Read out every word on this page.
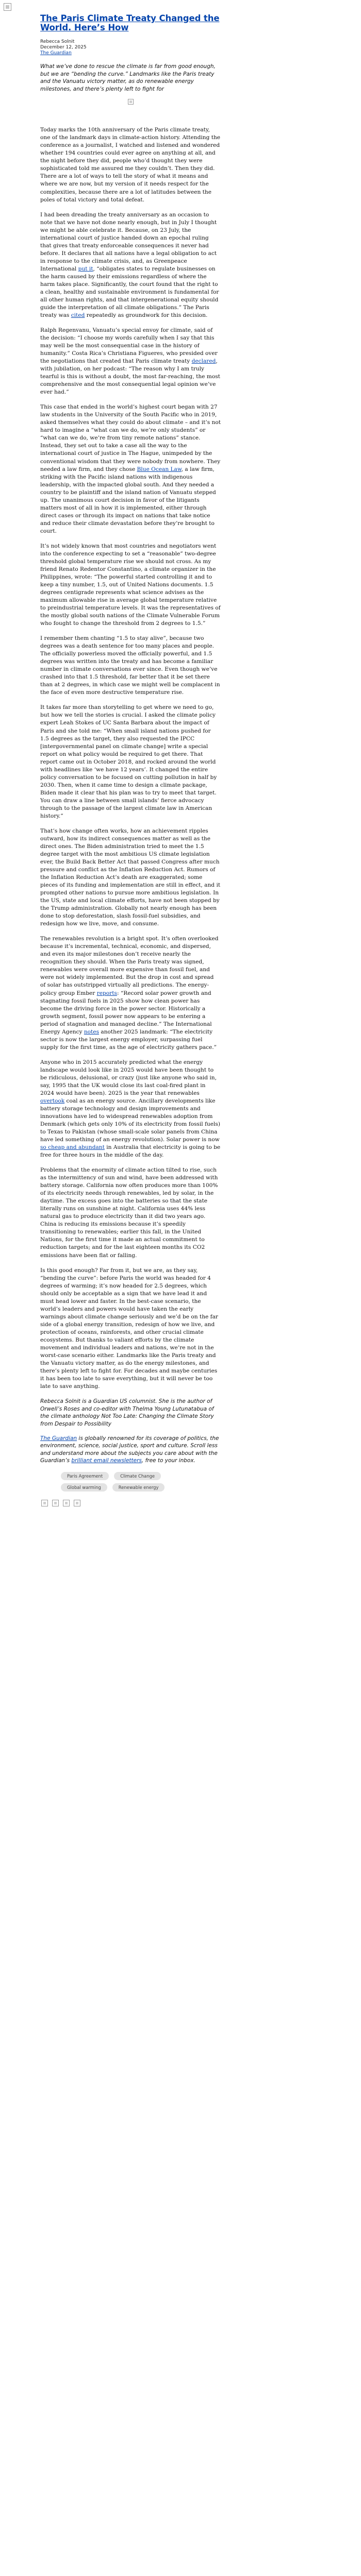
The Paris Climate Treaty Changed the World. Here’s How
Rebecca Solnit
December 12, 2025
The Guardian
What we’ve done to rescue the climate is far from good enough, but we are “bending the curve.” Landmarks like the Paris treaty and the Vanuatu victory matter, as do renewable energy milestones, and there’s plenty left to fight for

Today marks the 10th anniversary of the Paris climate treaty, one of the landmark days in climate-action history. Attending the conference as a journalist, I watched and listened and wondered whether 194 countries could ever agree on anything at all, and the night before they did, people who’d thought they were sophisticated told me assured me they couldn’t. Then they did. There are a lot of ways to tell the story of what it means and where we are now, but my version of it needs respect for the complexities, because there are a lot of latitudes between the poles of total victory and total defeat.

I had been dreading the treaty anniversary as an occasion to note that we have not done nearly enough, but in July I thought we might be able celebrate it. Because, on 23 July, the international court of justice handed down an epochal ruling that gives that treaty enforceable consequences it never had before. It declares that all nations have a legal obligation to act in response to the climate crisis, and, as Greenpeace International put it, “obligates states to regulate businesses on the harm caused by their emissions regardless of where the harm takes place. Significantly, the court found that the right to a clean, healthy and sustainable environment is fundamental for all other human rights, and that intergenerational equity should guide the interpretation of all climate obligations.” The Paris treaty was cited repeatedly as groundwork for this decision.

Ralph Regenvanu, Vanuatu’s special envoy for climate, said of the decision: “I choose my words carefully when I say that this may well be the most consequential case in the history of humanity.” Costa Rica’s Christiana Figueres, who presided over the negotiations that created that Paris climate treaty declared, with jubilation, on her podcast: “The reason why I am truly tearful is this is without a doubt, the most far-reaching, the most comprehensive and the most consequential legal opinion we’ve ever had.”

This case that ended in the world’s highest court began with 27 law students in the University of the South Pacific who in 2019, asked themselves what they could do about climate – and it’s not hard to imagine a “what can we do, we’re only students” or “what can we do, we’re from tiny remote nations” stance. Instead, they set out to take a case all the way to the international court of justice in The Hague, unimpeded by the conventional wisdom that they were nobody from nowhere. They needed a law firm, and they chose Blue Ocean Law, a law firm, striking with the Pacific island nations with indigenous leadership, with the impacted global south. And they needed a country to be plaintiff and the island nation of Vanuatu stepped up. The unanimous court decision in favor of the litigants matters most of all in how it is implemented, either through direct cases or through its impact on nations that take notice and reduce their climate devastation before they’re brought to court.

It’s not widely known that most countries and negotiators went into the conference expecting to set a “reasonable” two-degree threshold global temperature rise we should not cross. As my friend Renato Redentor Constantino, a climate organizer in the Philippines, wrote: “The powerful started controlling it and to keep a tiny number, 1.5, out of United Nations documents. 1.5 degrees centigrade represents what science advises as the maximum allowable rise in average global temperature relative to preindustrial temperature levels. It was the representatives of the mostly global south nations of the Climate Vulnerable Forum who fought to change the threshold from 2 degrees to 1.5.”

I remember them chanting “1.5 to stay alive”, because two degrees was a death sentence for too many places and people. The officially powerless moved the officially powerful, and 1.5 degrees was written into the treaty and has become a familiar number in climate conversations ever since. Even though we’ve crashed into that 1.5 threshold, far better that it be set there than at 2 degrees, in which case we might well be complacent in the face of even more destructive temperature rise.

It takes far more than storytelling to get where we need to go, but how we tell the stories is crucial. I asked the climate policy expert Leah Stokes of UC Santa Barbara about the impact of Paris and she told me: “When small island nations pushed for 1.5 degrees as the target, they also requested the IPCC [intergovernmental panel on climate change] write a special report on what policy would be required to get there. That report came out in October 2018, and rocked around the world with headlines like ‘we have 12 years’. It changed the entire policy conversation to be focused on cutting pollution in half by 2030. Then, when it came time to design a climate package, Biden made it clear that his plan was to try to meet that target. You can draw a line between small islands’ fierce advocacy through to the passage of the largest climate law in American history.”

That’s how change often works, how an achievement ripples outward, how its indirect consequences matter as well as the direct ones. The Biden administration tried to meet the 1.5 degree target with the most ambitious US climate legislation ever, the Build Back Better Act that passed Congress after much pressure and conflict as the Inflation Reduction Act. Rumors of the Inflation Reduction Act’s death are exaggerated; some pieces of its funding and implementation are still in effect, and it prompted other nations to pursue more ambitious legislation. In the US, state and local climate efforts, have not been stopped by the Trump administration. Globally not nearly enough has been done to stop deforestation, slash fossil-fuel subsidies, and redesign how we live, move, and consume.

The renewables revolution is a bright spot. It’s often overlooked because it’s incremental, technical, economic, and dispersed, and even its major milestones don’t receive nearly the recognition they should. When the Paris treaty was signed, renewables were overall more expensive than fossil fuel, and were not widely implemented. But the drop in cost and spread of solar has outstripped virtually all predictions. The energy-policy group Ember reports: “Record solar power growth and stagnating fossil fuels in 2025 show how clean power has become the driving force in the power sector. Historically a growth segment, fossil power now appears to be entering a period of stagnation and managed decline.” The International Energy Agency notes another 2025 landmark: “The electricity sector is now the largest energy employer, surpassing fuel supply for the first time, as the age of electricity gathers pace.”

Anyone who in 2015 accurately predicted what the energy landscape would look like in 2025 would have been thought to be ridiculous, delusional, or crazy (just like anyone who said in, say, 1995 that the UK would close its last coal-fired plant in 2024 would have been). 2025 is the year that renewables overtook coal as an energy source. Ancillary developments like battery storage technology and design improvements and innovations have led to widespread renewables adoption from Denmark (which gets only 10% of its electricity from fossil fuels) to Texas to Pakistan (whose small-scale solar panels from China have led something of an energy revolution). Solar power is now so cheap and abundant in Australia that electricity is going to be free for three hours in the middle of the day.

Problems that the enormity of climate action tilted to rise, such as the intermittency of sun and wind, have been addressed with battery storage. California now often produces more than 100% of its electricity needs through renewables, led by solar, in the daytime. The excess goes into the batteries so that the state literally runs on sunshine at night. California uses 44% less natural gas to produce electricity than it did two years ago. China is reducing its emissions because it’s speedily transitioning to renewables; earlier this fall, in the United Nations, for the first time it made an actual commitment to reduction targets; and for the last eighteen months its CO2 emissions have been flat or falling.

Is this good enough? Far from it, but we are, as they say, “bending the curve”: before Paris the world was headed for 4 degrees of warming; it’s now headed for 2.5 degrees, which should only be acceptable as a sign that we have lead it and must head lower and faster. In the best-case scenario, the world’s leaders and powers would have taken the early warnings about climate change seriously and we’d be on the far side of a global energy transition, redesign of how we live, and protection of oceans, rainforests, and other crucial climate ecosystems. But thanks to valiant efforts by the climate movement and individual leaders and nations, we’re not in the worst-case scenario either. Landmarks like the Paris treaty and the Vanuatu victory matter, as do the energy milestones, and there’s plenty left to fight for. For decades and maybe centuries it has been too late to save everything, but it will never be too late to save anything.

Rebecca Solnit is a Guardian US columnist. She is the author of Orwell’s Roses and co-editor with Thelma Young Lutunatabua of the climate anthology Not Too Late: Changing the Climate Story from Despair to Possibility
The Guardian is globally renowned for its coverage of politics, the environment, science, social justice, sport and culture. Scroll less and understand more about the subjects you care about with the Guardian’s brilliant email newsletters, free to your inbox.
Paris Agreement	Climate Change
Global warming	Renewable energy
